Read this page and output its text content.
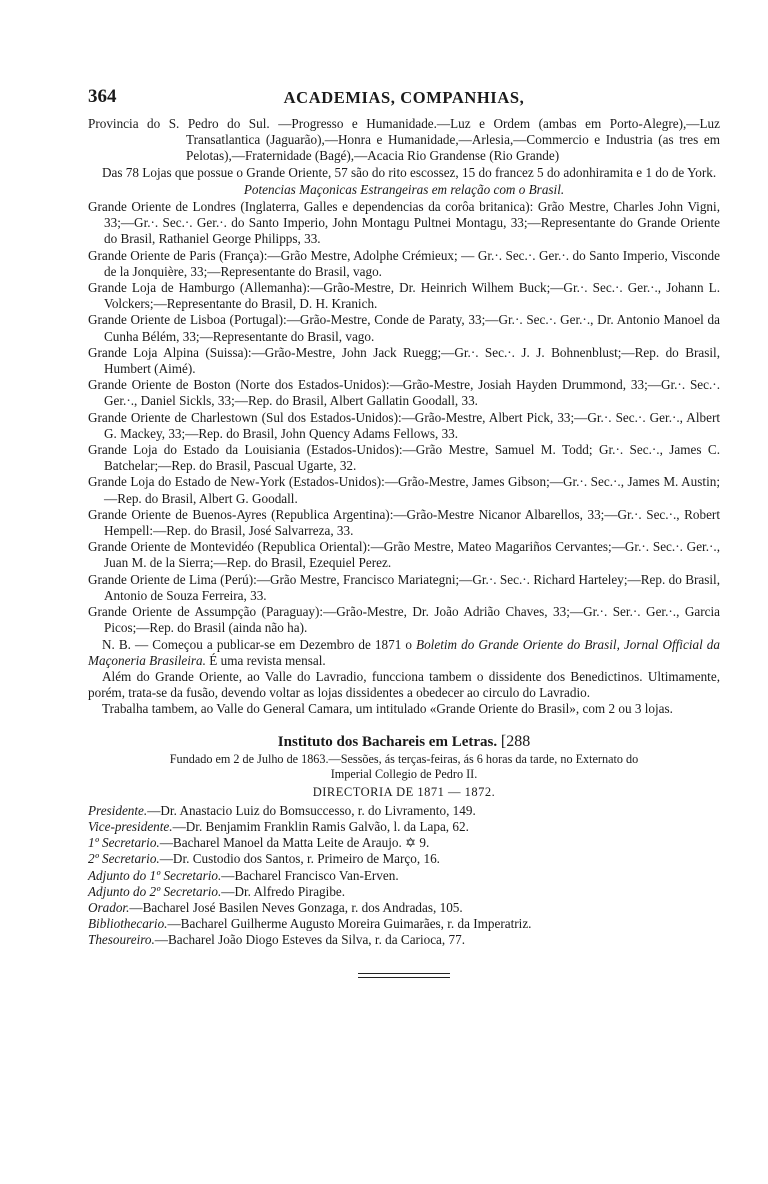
364	ACADEMIAS, COMPANHIAS,

Provincia do S. Pedro do Sul. —Progresso e Humanidade.—Luz e Ordem (ambas em Porto-Alegre),—Luz Transatlantica (Jaguarão),—Honra e Humanidade,—Arlesia,—Commercio e Industria (as tres em Pelotas),—Fraternidade (Bagé),—Acacia Rio Grandense (Rio Grande)

Das 78 Lojas que possue o Grande Oriente, 57 são do rito escossez, 15 do francez 5 do adonhiramita e 1 do de York.

Potencias Maçonicas Estrangeiras em relação com o Brasil.

Grande Oriente de Londres (Inglaterra, Galles e dependencias da corôa britanica): Grão Mestre, Charles John Vigni, 33;—Gr.·. Sec.·. Ger.·. do Santo Imperio, John Montagu Pultnei Montagu, 33;—Representante do Grande Oriente do Brasil, Rathaniel George Philipps, 33.

Grande Oriente de Paris (França):—Grão Mestre, Adolphe Crémieux; — Gr.·. Sec.·. Ger.·. do Santo Imperio, Visconde de la Jonquière, 33;—Representante do Brasil, vago.

Grande Loja de Hamburgo (Allemanha):—Grão-Mestre, Dr. Heinrich Wilhem Buck;—Gr.·. Sec.·. Ger.·., Johann L. Volckers;—Representante do Brasil, D. H. Kranich.

Grande Oriente de Lisboa (Portugal):—Grão-Mestre, Conde de Paraty, 33;—Gr.·. Sec.·. Ger.·., Dr. Antonio Manoel da Cunha Bélém, 33;—Representante do Brasil, vago.

Grande Loja Alpina (Suissa):—Grão-Mestre, John Jack Ruegg;—Gr.·. Sec.·. J. J. Bohnenblust;—Rep. do Brasil, Humbert (Aimé).

Grande Oriente de Boston (Norte dos Estados-Unidos):—Grão-Mestre, Josiah Hayden Drummond, 33;—Gr.·. Sec.·. Ger.·., Daniel Sickls, 33;—Rep. do Brasil, Albert Gallatin Goodall, 33.

Grande Oriente de Charlestown (Sul dos Estados-Unidos):—Grão-Mestre, Albert Pick, 33;—Gr.·. Sec.·. Ger.·., Albert G. Mackey, 33;—Rep. do Brasil, John Quency Adams Fellows, 33.

Grande Loja do Estado da Louisiania (Estados-Unidos):—Grão Mestre, Samuel M. Todd; Gr.·. Sec.·., James C. Batchelar;—Rep. do Brasil, Pascual Ugarte, 32.

Grande Loja do Estado de New-York (Estados-Unidos):—Grão-Mestre, James Gibson;—Gr.·. Sec.·., James M. Austin;—Rep. do Brasil, Albert G. Goodall.

Grande Oriente de Buenos-Ayres (Republica Argentina):—Grão-Mestre Nicanor Albarellos, 33;—Gr.·. Sec.·., Robert Hempell:—Rep. do Brasil, José Salvarreza, 33.

Grande Oriente de Montevidéo (Republica Oriental):—Grão Mestre, Mateo Magariños Cervantes;—Gr.·. Sec.·. Ger.·., Juan M. de la Sierra;—Rep. do Brasil, Ezequiel Perez.

Grande Oriente de Lima (Perú):—Grão Mestre, Francisco Mariategni;—Gr.·. Sec.·. Richard Harteley;—Rep. do Brasil, Antonio de Souza Ferreira, 33.

Grande Oriente de Assumpção (Paraguay):—Grão-Mestre, Dr. João Adrião Chaves, 33;—Gr.·. Ser.·. Ger.·., Garcia Picos;—Rep. do Brasil (ainda não ha).

N. B. — Começou a publicar-se em Dezembro de 1871 o Boletim do Grande Oriente do Brasil, Jornal Official da Maçoneria Brasileira. É uma revista mensal.

Além do Grande Oriente, ao Valle do Lavradio, funcciona tambem o dissidente dos Benedictinos. Ultimamente, porém, trata-se da fusão, devendo voltar as lojas dissidentes a obedecer ao circulo do Lavradio.

Trabalha tambem, ao Valle do General Camara, um intitulado «Grande Oriente do Brasil», com 2 ou 3 lojas.

Instituto dos Bachareis em Letras. [288

Fundado em 2 de Julho de 1863.—Sessões, ás terças-feiras, ás 6 horas da tarde, no Externato do
Imperial Collegio de Pedro II.

DIRECTORIA DE 1871 — 1872.

Presidente.—Dr. Anastacio Luiz do Bomsuccesso, r. do Livramento, 149.

Vice-presidente.—Dr. Benjamim Franklin Ramis Galvão, l. da Lapa, 62.

1º Secretario.—Bacharel Manoel da Matta Leite de Araujo. ✡ 9.

2º Secretario.—Dr. Custodio dos Santos, r. Primeiro de Março, 16.

Adjunto do 1º Secretario.—Bacharel Francisco Van-Erven.

Adjunto do 2º Secretario.—Dr. Alfredo Piragibe.

Orador.—Bacharel José Basilen Neves Gonzaga, r. dos Andradas, 105.

Bibliothecario.—Bacharel Guilherme Augusto Moreira Guimarães, r. da Imperatriz.

Thesoureiro.—Bacharel João Diogo Esteves da Silva, r. da Carioca, 77.
